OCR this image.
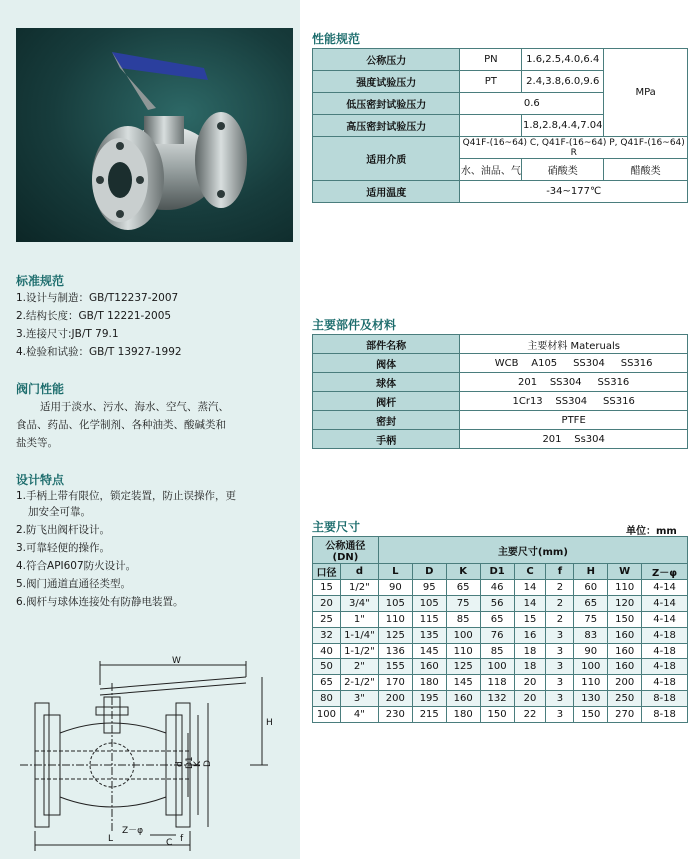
标准规范
1.设计与制造：GB/T12237-2007
2.结构长度：GB/T 12221-2005
3.连接尺寸:JB/T 79.1
4.检验和试验：GB/T 13927-1992
阀门性能
适用于淡水、污水、海水、空气、蒸汽、
食品、药品、化学制剂、各种油类、酸碱类和
盐类等。
设计特点
1.手柄上带有限位，锁定装置，防止误操作，更
加安全可靠。
2.防飞出阀杆设计。
3.可靠轻便的操作。
4.符合API607防火设计。
5.阀门通道直通径类型。
6.阀杆与球体连接处有防静电装置。
W
H
d D1
K D
L
Z－φ
C f
性能规范
公称压力	PN	1.6,2.5,4.0,6.4	MPa
强度试验压力	PT	2.4,3.8,6.0,9.6	
低压密封试验压力	0.6		
高压密封试验压力		1.8,2.8,4.4,7.04	
适用介质	Q41F-(16~64) C, Q41F-(16~64) P, Q41F-(16~64) R		
	水、油品、气	硝酸类	醋酸类
适用温度	-34~177℃		
主要部件及材料
部件名称	主要材料 Materuals
阀体	WCB    A105     SS304     SS316
球体	201    SS304     SS316
阀杆	1Cr13    SS304     SS316
密封	PTFE
手柄	201    Ss304
主要尺寸	单位：mm
公称通径(DN)		主要尺寸(mm)								
口径	d	L	D	K	D1	C	f	H	W	Z－φ
15	1/2"	90	95	65	46	14	2	60	110	4-14
20	3/4"	105	105	75	56	14	2	65	120	4-14
25	1"	110	115	85	65	15	2	75	150	4-14
32	1-1/4"	125	135	100	76	16	3	83	160	4-18
40	1-1/2"	136	145	110	85	18	3	90	160	4-18
50	2"	155	160	125	100	18	3	100	160	4-18
65	2-1/2"	170	180	145	118	20	3	110	200	4-18
80	3"	200	195	160	132	20	3	130	250	8-18
100	4"	230	215	180	150	22	3	150	270	8-18
